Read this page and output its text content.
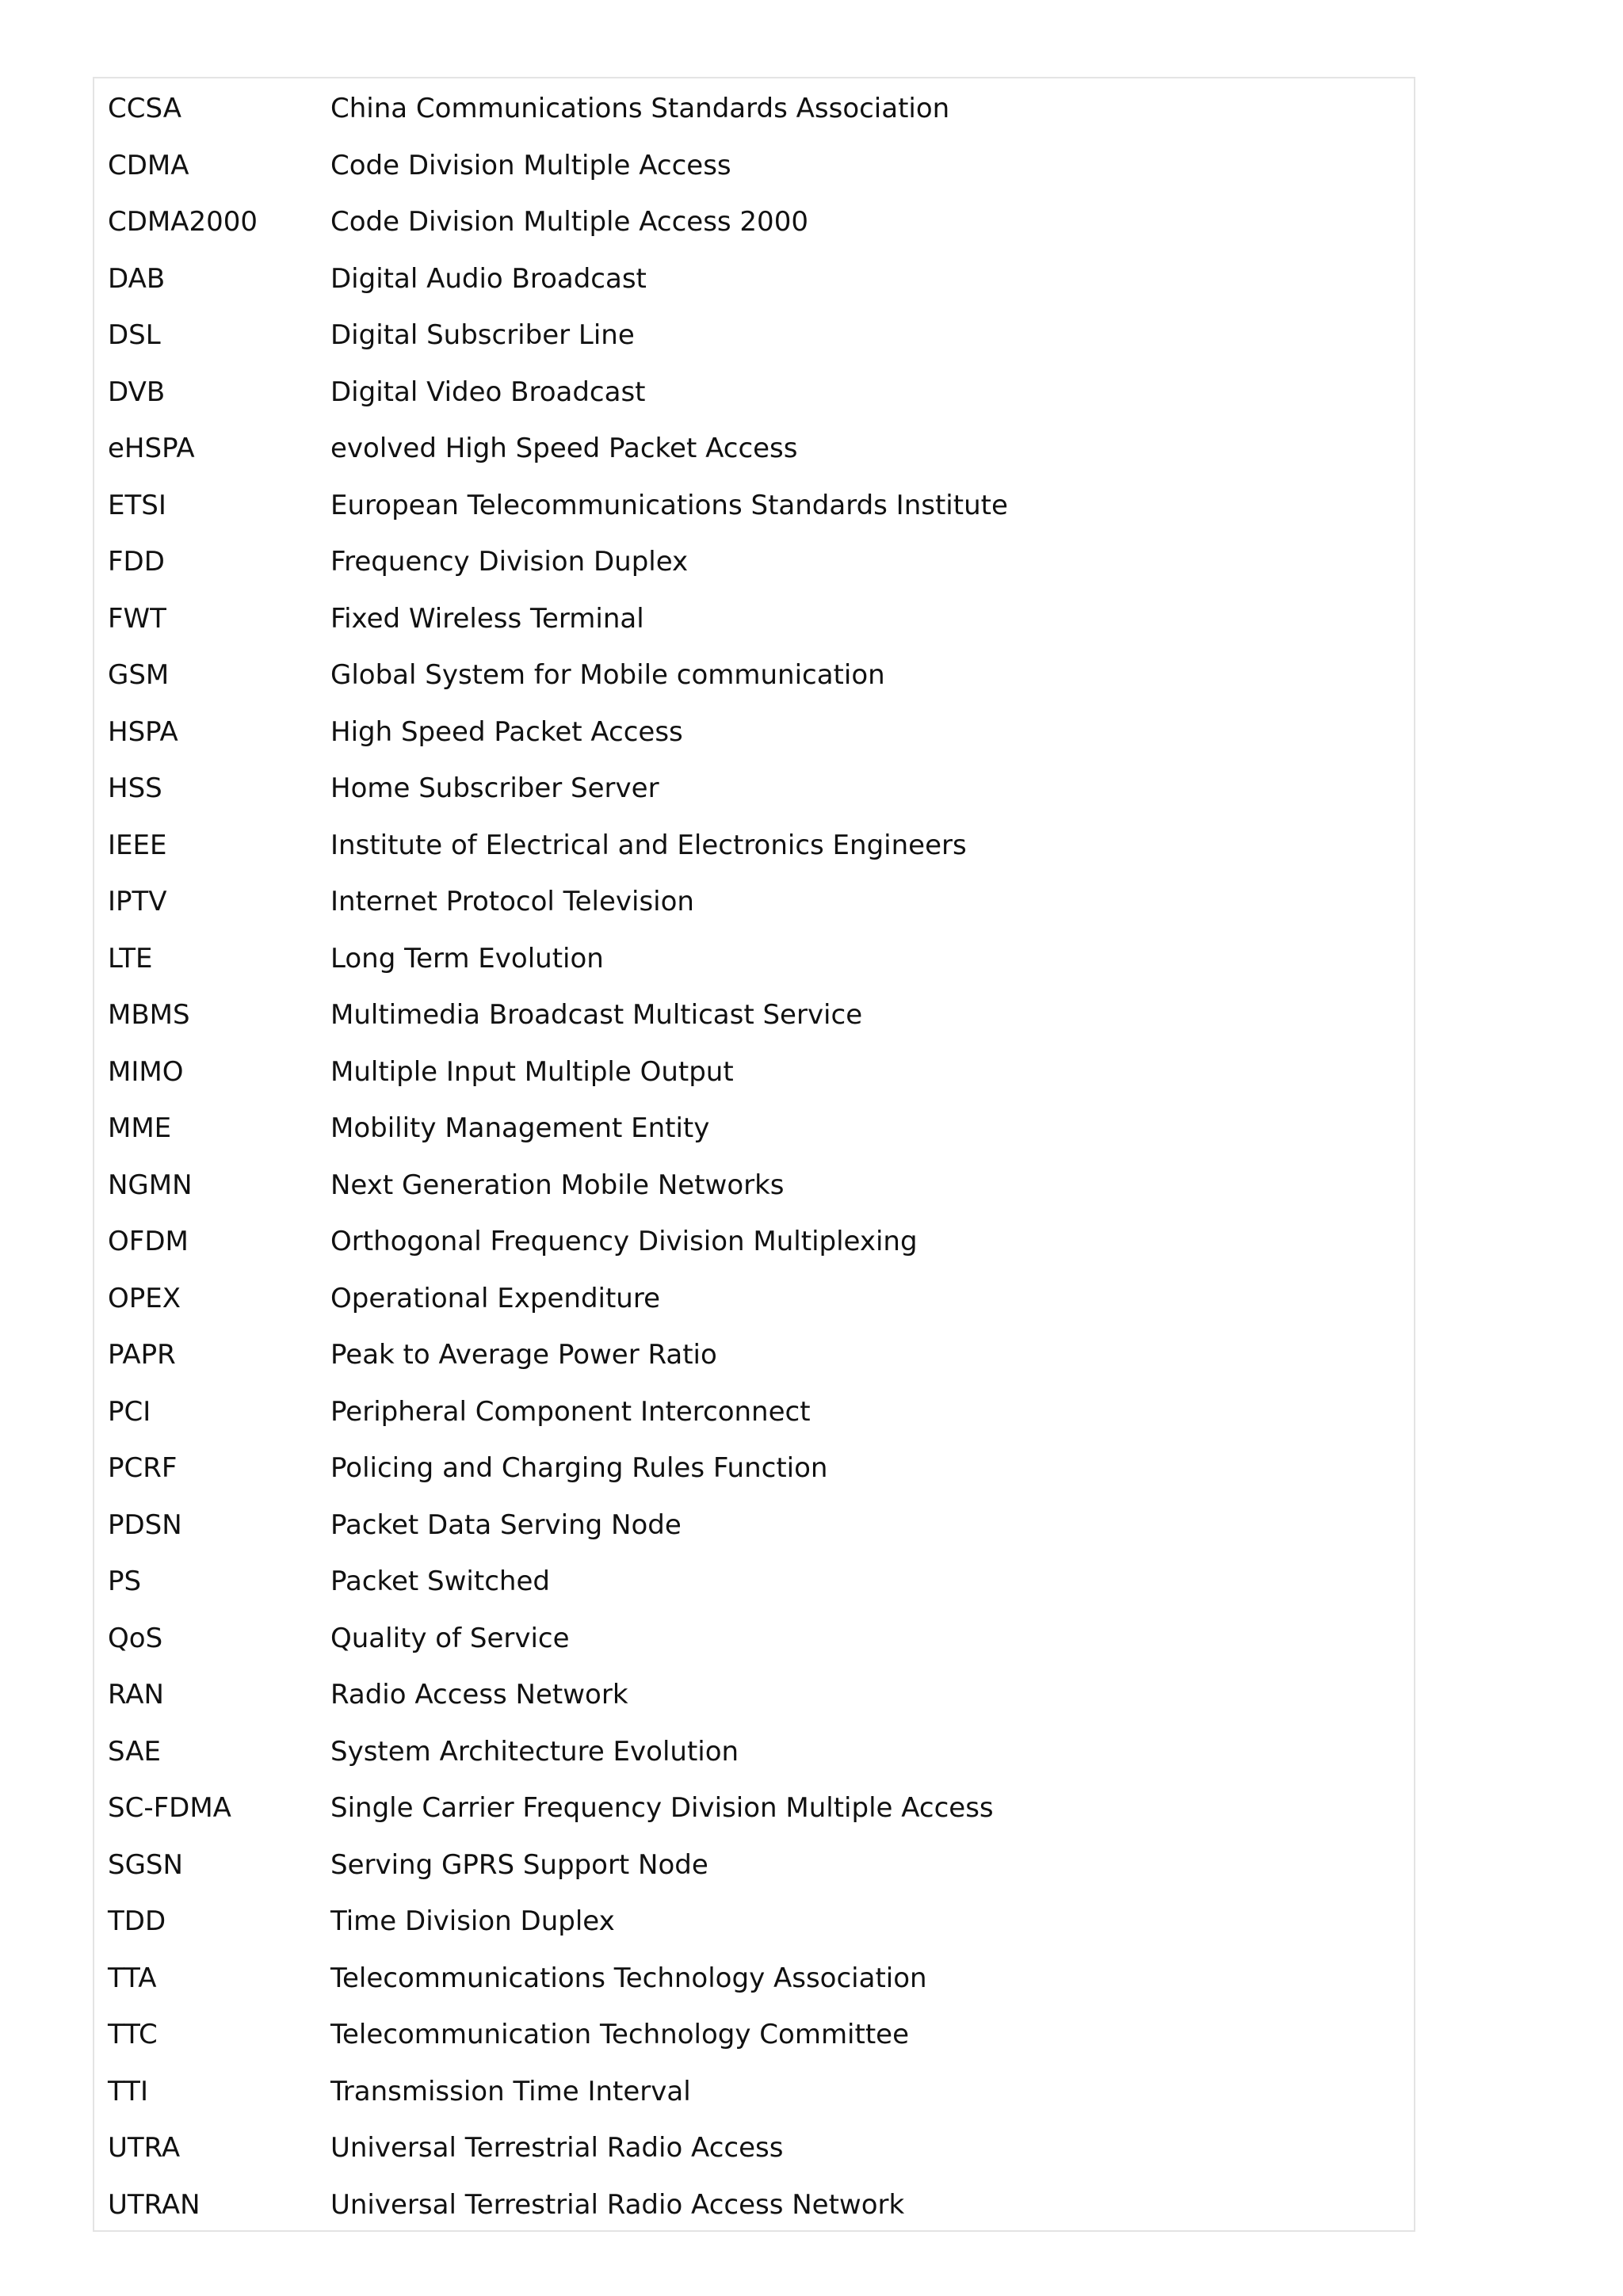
CCSA	China Communications Standards Association
CDMA	Code Division Multiple Access
CDMA2000	Code Division Multiple Access 2000
DAB	Digital Audio Broadcast
DSL	Digital Subscriber Line
DVB	Digital Video Broadcast
eHSPA	evolved High Speed Packet Access
ETSI	European Telecommunications Standards Institute
FDD	Frequency Division Duplex
FWT	Fixed Wireless Terminal
GSM	Global System for Mobile communication
HSPA	High Speed Packet Access
HSS	Home Subscriber Server
IEEE	Institute of Electrical and Electronics Engineers
IPTV	Internet Protocol Television
LTE	Long Term Evolution
MBMS	Multimedia Broadcast Multicast Service
MIMO	Multiple Input Multiple Output
MME	Mobility Management Entity
NGMN	Next Generation Mobile Networks
OFDM	Orthogonal Frequency Division Multiplexing
OPEX	Operational Expenditure
PAPR	Peak to Average Power Ratio
PCI	Peripheral Component Interconnect
PCRF	Policing and Charging Rules Function
PDSN	Packet Data Serving Node
PS	Packet Switched
QoS	Quality of Service
RAN	Radio Access Network
SAE	System Architecture Evolution
SC-FDMA	Single Carrier Frequency Division Multiple Access
SGSN	Serving GPRS Support Node
TDD	Time Division Duplex
TTA	Telecommunications Technology Association
TTC	Telecommunication Technology Committee
TTI	Transmission Time Interval
UTRA	Universal Terrestrial Radio Access
UTRAN	Universal Terrestrial Radio Access Network
